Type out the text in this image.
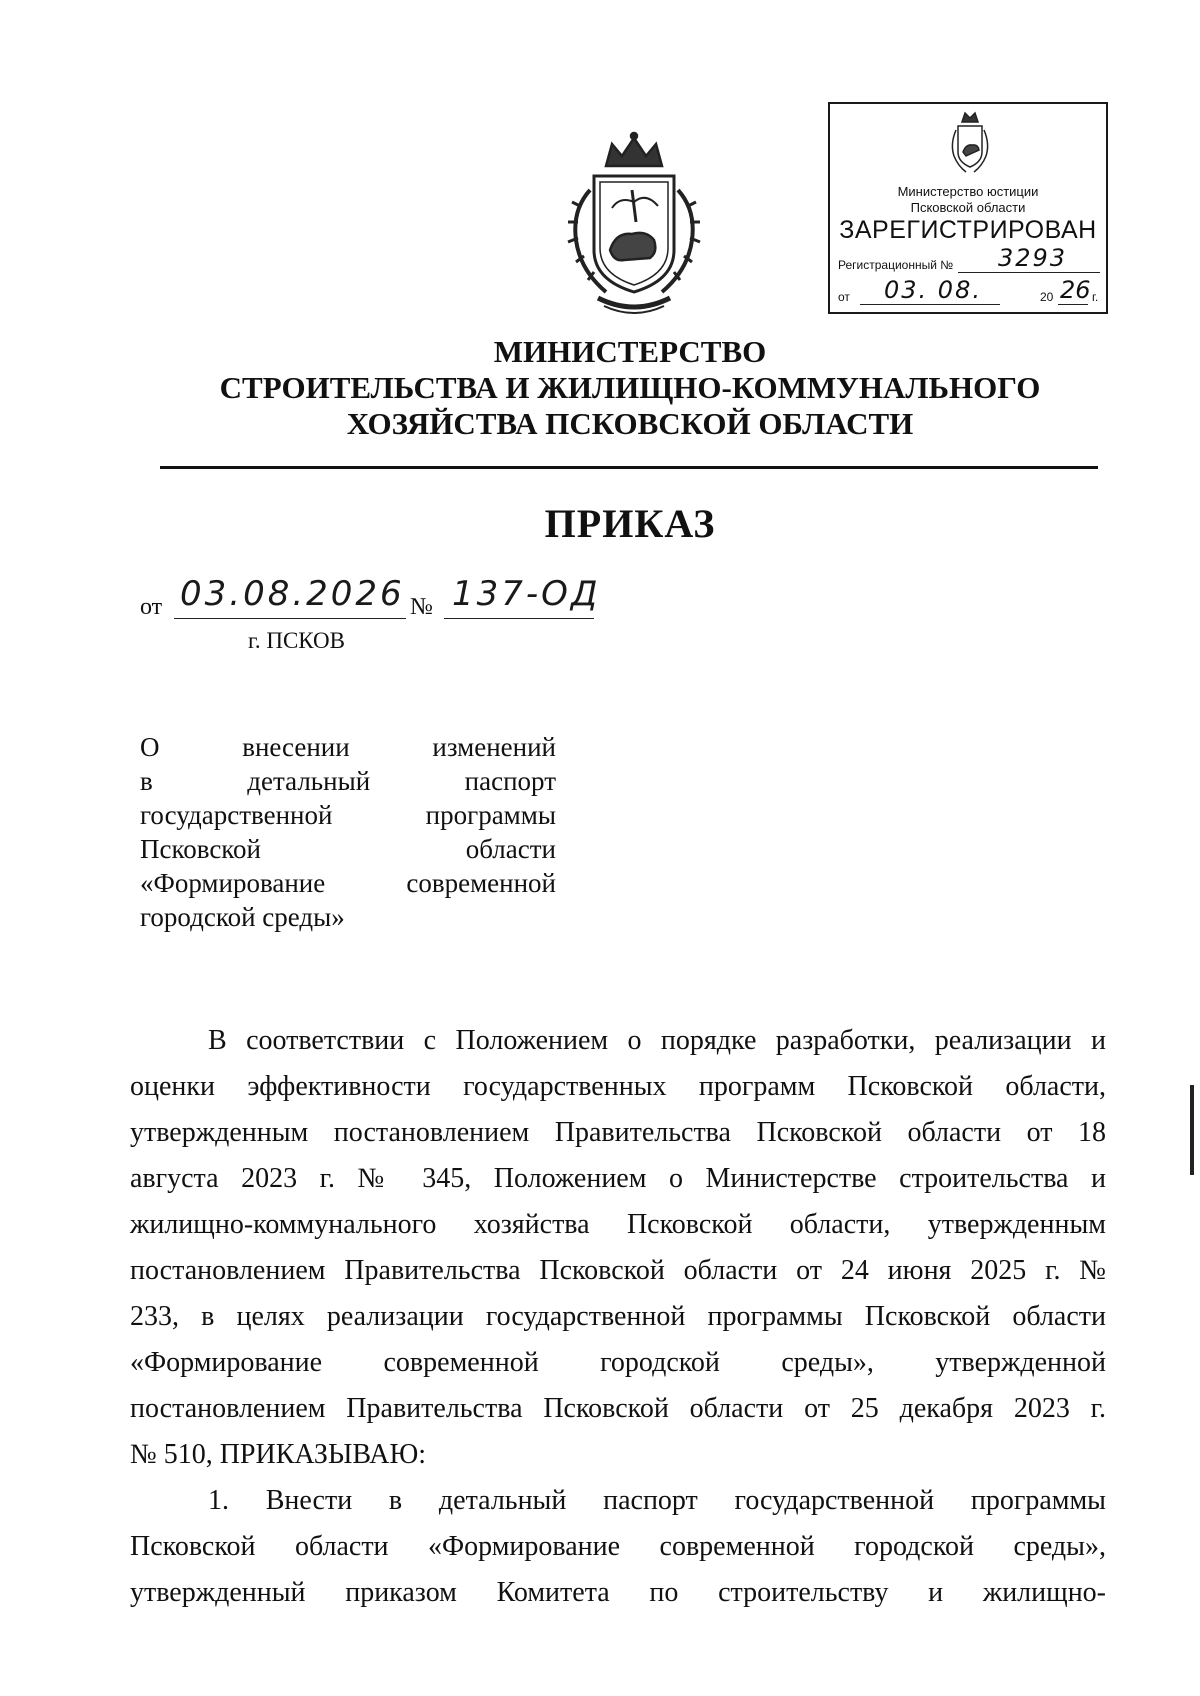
Министерство юстиции
Псковской области
ЗАРЕГИСТРИРОВАН
Регистрационный № 3293
от 03. 08.	20 26 г.
МИНИСТЕРСТВО
СТРОИТЕЛЬСТВА И ЖИЛИЩНО-КОММУНАЛЬНОГО
ХОЗЯЙСТВА ПСКОВСКОЙ ОБЛАСТИ
ПРИКАЗ
от 03.08.2026 № 137-ОД
г. ПСКОВ
О внесении изменений
в детальный паспорт
государственной программы
Псковской области
«Формирование современной
городской среды»
В соответствии с Положением о порядке разработки, реализации и
оценки эффективности государственных программ Псковской области,
утвержденным постановлением Правительства Псковской области от 18
августа 2023 г. № 345, Положением о Министерстве строительства и
жилищно-коммунального хозяйства Псковской области, утвержденным
постановлением Правительства Псковской области от 24 июня 2025 г. №
233, в целях реализации государственной программы Псковской области
«Формирование современной городской среды», утвержденной
постановлением Правительства Псковской области от 25 декабря 2023 г.
№ 510, ПРИКАЗЫВАЮ:
1. Внести в детальный паспорт государственной программы
Псковской области «Формирование современной городской среды»,
утвержденный приказом Комитета по строительству и жилищно-
